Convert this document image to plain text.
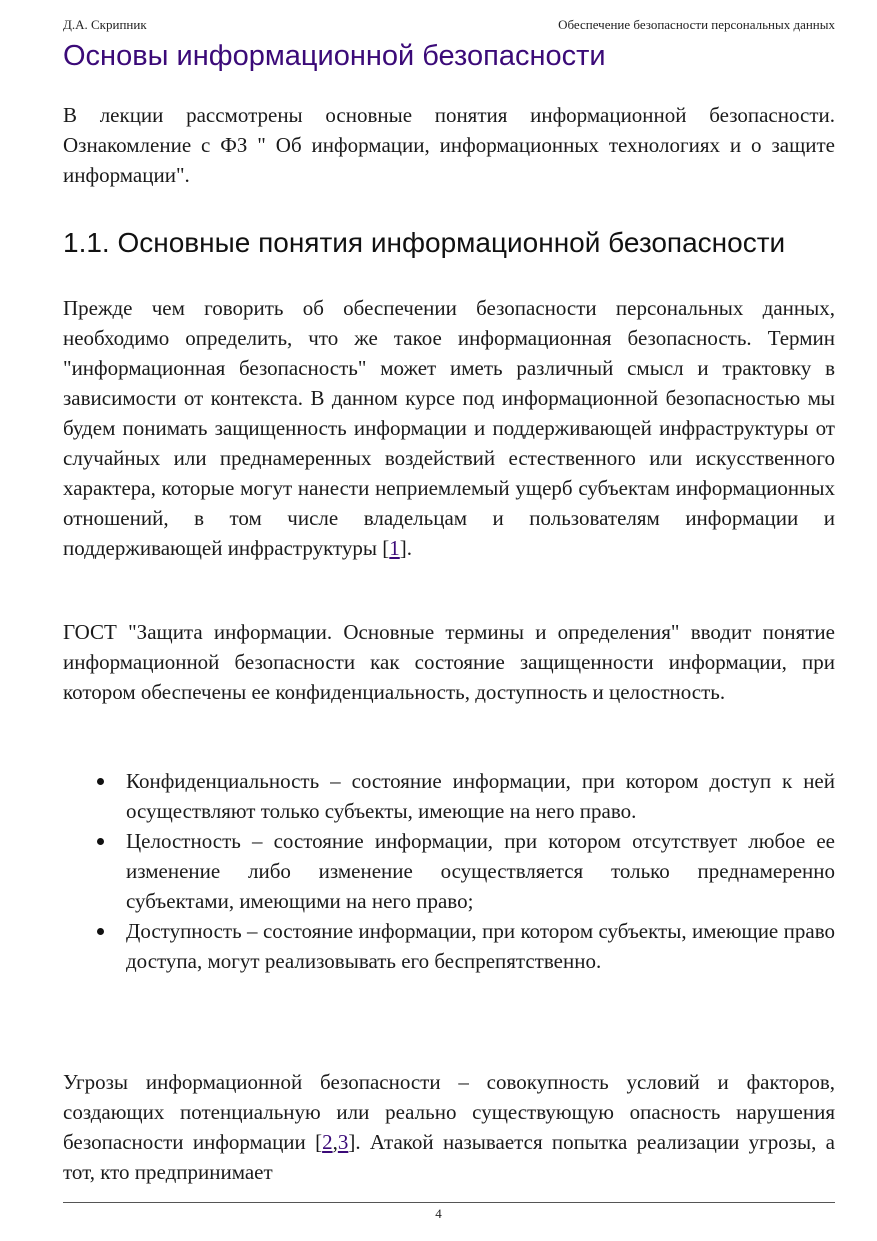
Д.А. Скрипник	Обеспечение безопасности персональных данных
Основы информационной безопасности

В лекции рассмотрены основные понятия информационной безопасности. Ознакомление с ФЗ " Об информации, информационных технологиях и о защите информации".

1.1. Основные понятия информационной безопасности

Прежде чем говорить об обеспечении безопасности персональных данных, необходимо определить, что же такое информационная безопасность. Термин "информационная безопасность" может иметь различный смысл и трактовку в зависимости от контекста. В данном курсе под информационной безопасностью мы будем понимать защищенность информации и поддерживающей инфраструктуры от случайных или преднамеренных воздействий естественного или искусственного характера, которые могут нанести неприемлемый ущерб субъектам информационных отношений, в том числе владельцам и пользователям информации и поддерживающей инфраструктуры [1].

ГОСТ "Защита информации. Основные термины и определения" вводит понятие информационной безопасности как состояние защищенности информации, при котором обеспечены ее конфиденциальность, доступность и целостность.

Конфиденциальность – состояние информации, при котором доступ к ней осуществляют только субъекты, имеющие на него право.
Целостность – состояние информации, при котором отсутствует любое ее изменение либо изменение осуществляется только преднамеренно субъектами, имеющими на него право;
Доступность – состояние информации, при котором субъекты, имеющие право доступа, могут реализовывать его беспрепятственно.

Угрозы информационной безопасности – совокупность условий и факторов, создающих потенциальную или реально существующую опасность нарушения безопасности информации [2,3]. Атакой называется попытка реализации угрозы, а тот, кто предпринимает

4
